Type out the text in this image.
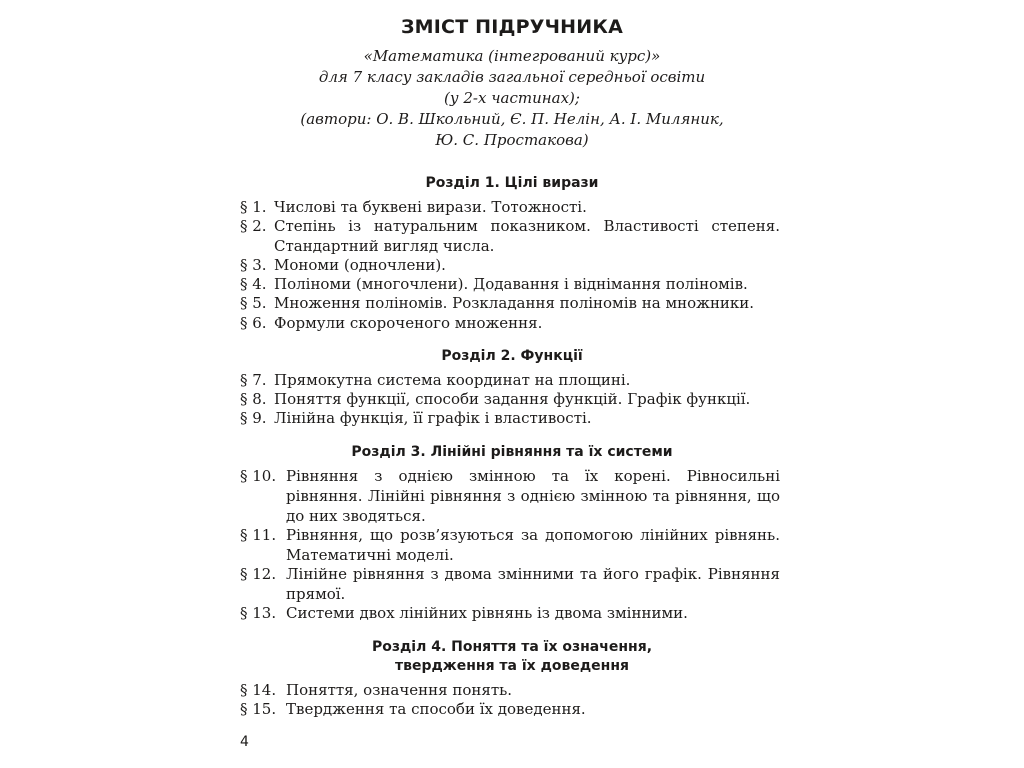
ЗМІСТ ПІДРУЧНИКА
«Математика (інтегрований курс)»
для 7 класу закладів загальної середньої освіти
(у 2-х частинах);
(автори: О. В. Школьний, Є. П. Нелін, А. І. Миляник,
Ю. С. Простакова)
Розділ 1. Цілі вирази
§ 1. Числові та буквені вирази. Тотожності.
§ 2. Степінь із натуральним показником. Властивості степеня. Стандартний вигляд числа.
§ 3. Мономи (одночлени).
§ 4. Поліноми (многочлени). Додавання і віднімання поліномів.
§ 5. Множення поліномів. Розкладання поліномів на множники.
§ 6. Формули скороченого множення.
Розділ 2. Функції
§ 7. Прямокутна система координат на площині.
§ 8. Поняття функції, способи задання функцій. Графік функції.
§ 9. Лінійна функція, її графік і властивості.
Розділ 3. Лінійні рівняння та їх системи
§ 10. Рівняння з однією змінною та їх корені. Рівносильні рівняння. Лінійні рівняння з однією змінною та рівняння, що до них зводяться.
§ 11. Рівняння, що розв’язуються за допомогою лінійних рівнянь. Математичні моделі.
§ 12. Лінійне рівняння з двома змінними та його графік. Рівняння прямої.
§ 13. Системи двох лінійних рівнянь із двома змінними.
Розділ 4. Поняття та їх означення,
твердження та їх доведення
§ 14. Поняття, означення понять.
§ 15. Твердження та способи їх доведення.
4
